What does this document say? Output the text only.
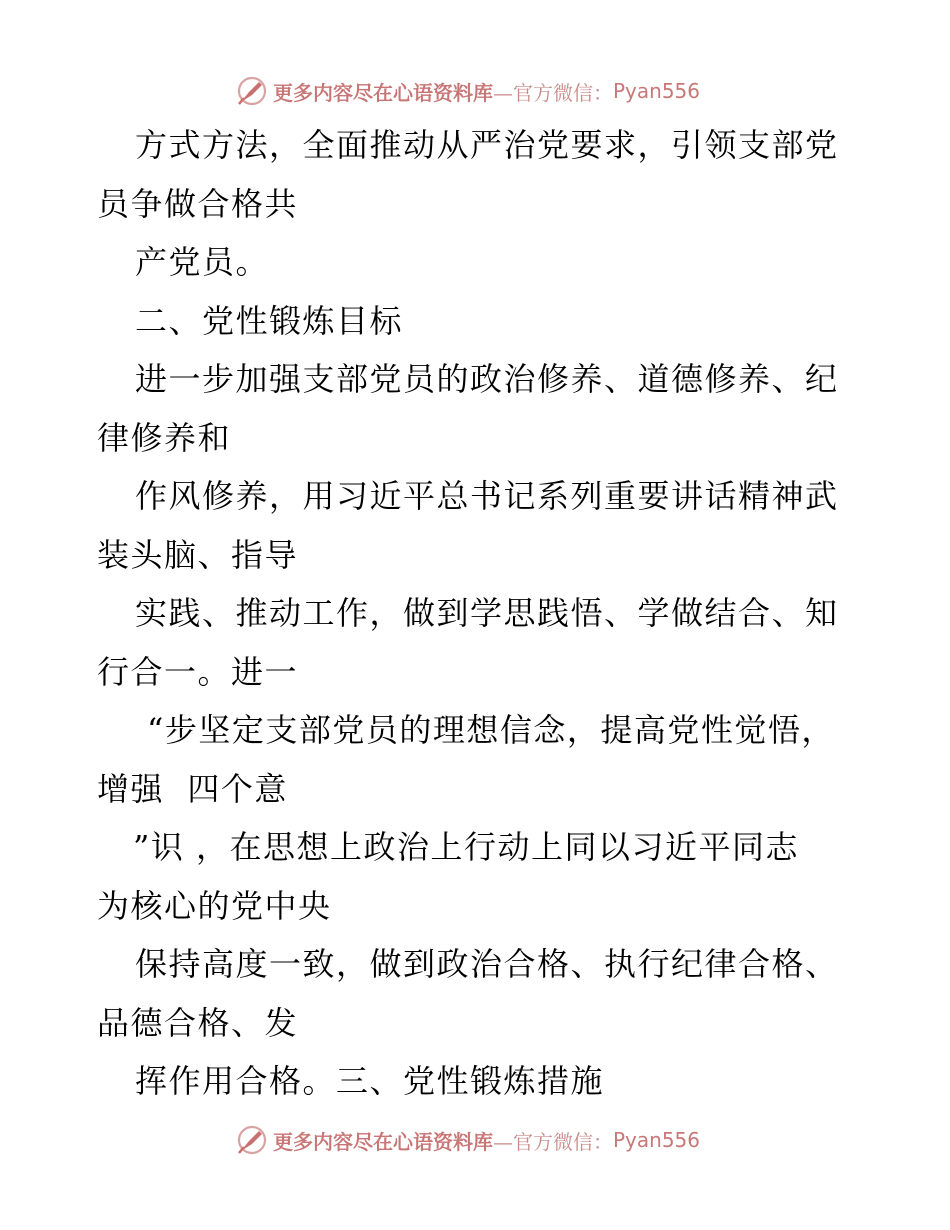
更多内容尽在心语资料库 —官方微信： Pyan556
方式方法，全面推动从严治党要求，引领支部党
员争做合格共
产党员。
二、党性锻炼目标
进一步加强支部党员的政治修养、道德修养、纪
律修养和
作风修养，用习近平总书记系列重要讲话精神武
装头脑、指导
实践、推动工作，做到学思践悟、学做结合、知
行合一。进一
“步坚定支部党员的理想信念，提高党性觉悟，
增强  四个意
”识 ，在思想上政治上行动上同以习近平同志
为核心的党中央
保持高度一致，做到政治合格、执行纪律合格、
品德合格、发
挥作用合格。三、党性锻炼措施
更多内容尽在心语资料库 —官方微信： Pyan556
